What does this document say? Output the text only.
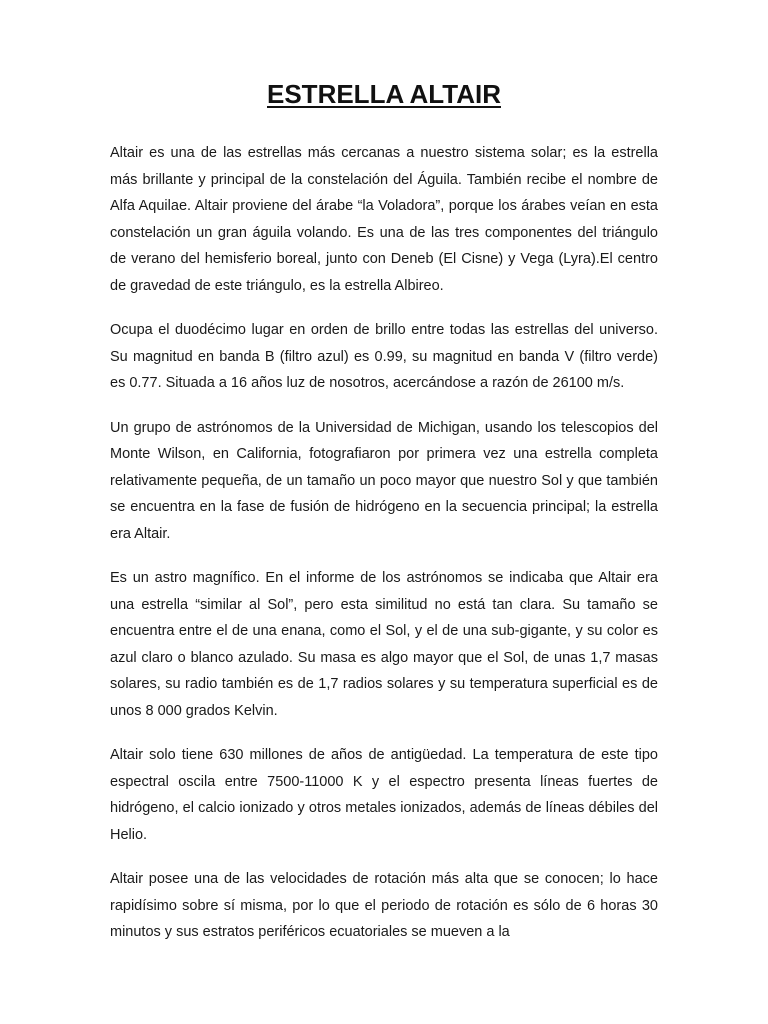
ESTRELLA ALTAIR

Altair es una de las estrellas más cercanas a nuestro sistema solar; es la estrella más brillante y principal de la constelación del Águila. También recibe el nombre de Alfa Aquilae. Altair proviene del árabe “la Voladora”, porque los árabes veían en esta constelación un gran águila volando. Es una de las tres componentes del triángulo de verano del hemisferio boreal, junto con Deneb (El Cisne) y Vega (Lyra).El centro de gravedad de este triángulo, es la estrella Albireo.

Ocupa el duodécimo lugar en orden de brillo entre todas las estrellas del universo. Su magnitud en banda B (filtro azul) es 0.99, su magnitud en banda V (filtro verde) es 0.77. Situada a 16 años luz de nosotros, acercándose a razón de 26100 m/s.

Un grupo de astrónomos de la Universidad de Michigan, usando los telescopios del Monte Wilson, en California, fotografiaron por primera vez una estrella completa relativamente pequeña, de un tamaño un poco mayor que nuestro Sol y que también se encuentra en la fase de fusión de hidrógeno en la secuencia principal; la estrella era Altair.

Es un astro magnífico. En el informe de los astrónomos se indicaba que Altair era una estrella “similar al Sol”, pero esta similitud no está tan clara. Su tamaño se encuentra entre el de una enana, como el Sol, y el de una sub-gigante, y su color es azul claro o blanco azulado. Su masa es algo mayor que el Sol, de unas 1,7 masas solares, su radio también es de 1,7 radios solares y su temperatura superficial es de unos 8 000 grados Kelvin.

Altair solo tiene 630 millones de años de antigüedad. La temperatura de este tipo espectral oscila entre 7500-11000 K y el espectro presenta líneas fuertes de hidrógeno, el calcio ionizado y otros metales ionizados, además de líneas débiles del Helio.

Altair posee una de las velocidades de rotación más alta que se conocen; lo hace rapidísimo sobre sí misma, por lo que el periodo de rotación es sólo de 6 horas 30 minutos y sus estratos periféricos ecuatoriales se mueven a la
